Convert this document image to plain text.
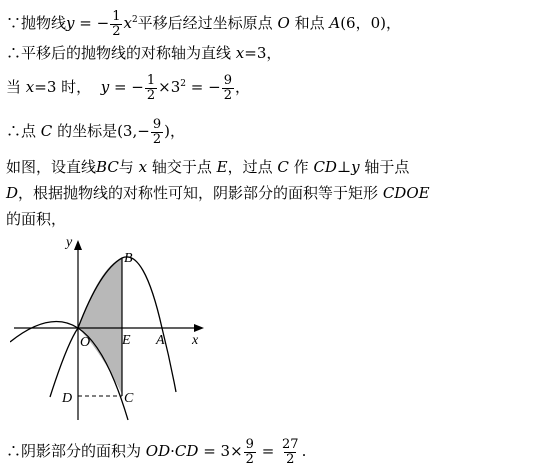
∵抛物线y = − $\frac{1}{2} x^2$平移后经过坐标原点 O 和点 A(6，0)，
∴平移后的抛物线的对称轴为直线 x=3，
当 x=3 时， y = − $\frac{1}{2} \times 3^2$ = − $\frac{9}{2}$ ，
∴点 C 的坐标是($3,- \frac{9}{2}$ )，
如图，设直线BC与 x 轴交于点 E，过点 C 作 CD⊥y 轴于点
D，根据抛物线的对称性可知，阴影部分的面积等于矩形 CDOE
的面积，
y
x
O E A
B
C
D
∴阴影部分的面积为 $OD\cdot CD = 3\times \frac{9}{2} = \frac{27}{2}$ .
